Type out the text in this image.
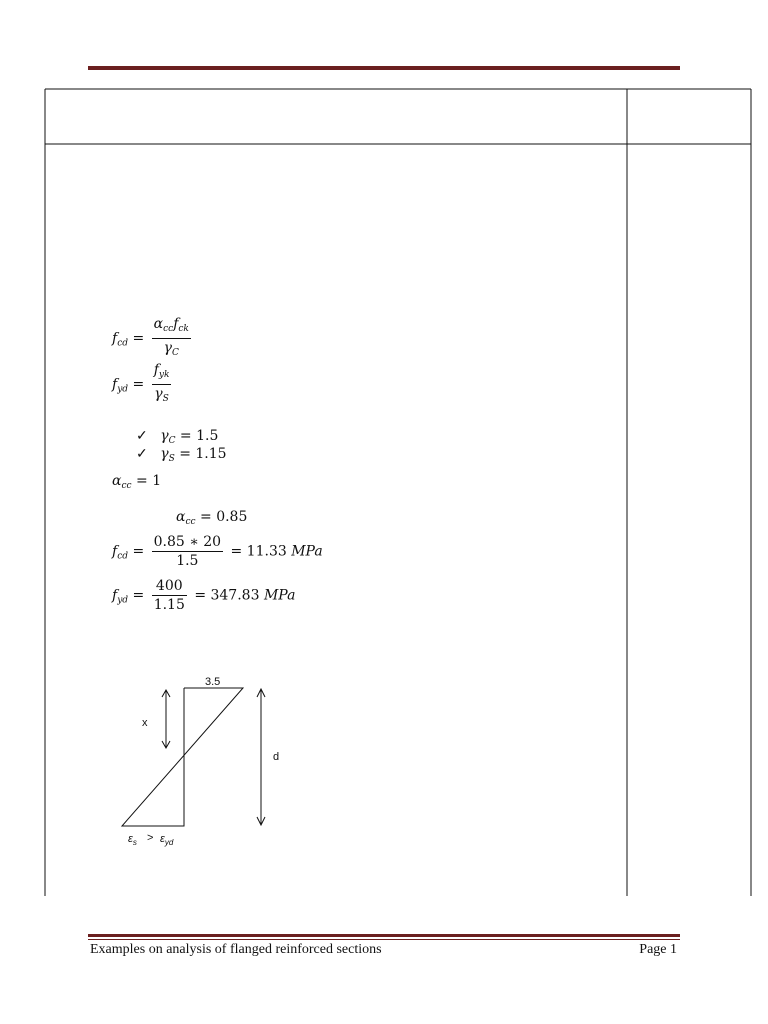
$f_{cd} = \frac{\alpha_{cc}f_{ck}}{\gamma_C}$
$f_{yd} = \frac{f_{yk}}{\gamma_S}$
✓ $\gamma_C = 1.5$
✓ $\gamma_S = 1.15$
$\alpha_{cc} = 1$
$\alpha_{cc} = 0.85$
$f_{cd} = \frac{0.85 ∗ 20}{1.5} = 11.33$ MPa
$f_{yd} = \frac{400}{1.15} = 347.83$ MPa
3.5
x
d
$\varepsilon_s > \varepsilon_{yd}$
Examples on analysis of flanged reinforced sections	Page 1
